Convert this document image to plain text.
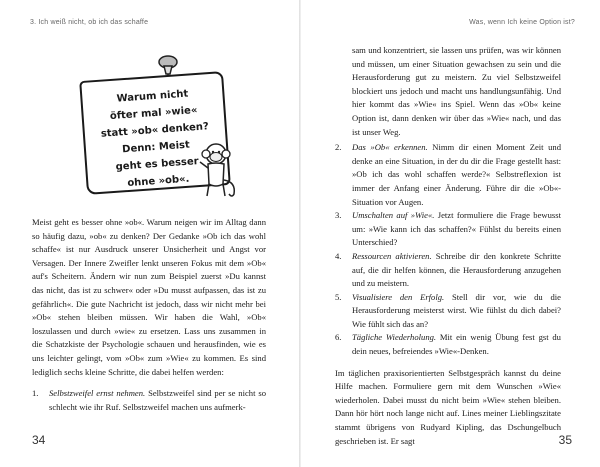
3. Ich weiß nicht, ob ich das schaffe
Warum nicht
öfter mal »wie«
statt »ob« denken?
Denn: Meist
geht es besser
ohne »ob«.

Meist geht es besser ohne »ob«. Warum neigen wir im Alltag dann so häufig dazu, »ob« zu denken? Der Gedanke »Ob ich das wohl schaffe« ist nur Ausdruck unserer Unsicherheit und Angst vor Versagen. Der Innere Zweifler lenkt unseren Fokus mit dem »Ob« auf's Scheitern. Ändern wir nun zum Beispiel zuerst »Du kannst das nicht, das ist zu schwer« oder »Du musst aufpassen, das ist zu gefährlich«. Die gute Nachricht ist jedoch, dass wir nicht mehr bei »Ob« stehen bleiben müssen. Wir haben die Wahl, »Ob« loszulassen und durch »wie« zu ersetzen. Lass uns zusammen in die Schatzkiste der Psychologie schauen und herausfinden, wie es uns leichter gelingt, vom »Ob« zum »Wie« zu kommen. Es sind lediglich sechs kleine Schritte, die dabei helfen werden:

1. Selbstzweifel ernst nehmen. Selbstzweifel sind per se nicht so schlecht wie ihr Ruf. Selbstzweifel machen uns aufmerk-
34
Was, wenn Ich keine Option ist?
35

sam und konzentriert, sie lassen uns prüfen, was wir können und müssen, um einer Situation gewachsen zu sein und die Herausforderung gut zu meistern. Zu viel Selbstzweifel blockiert uns jedoch und macht uns handlungsunfähig. Und hier kommt das »Wie« ins Spiel. Wenn das »Ob« keine Option ist, dann denken wir über das »Wie« nach, und das ist unser Weg.

2. Das »Ob« erkennen. Nimm dir einen Moment Zeit und denke an eine Situation, in der du dir die Frage gestellt hast: »Ob ich das wohl schaffen werde?« Selbstreflexion ist immer der Anfang einer Änderung. Führe dir die »Ob«-Situation vor Augen.
3. Umschalten auf »Wie«. Jetzt formuliere die Frage bewusst um: »Wie kann ich das schaffen?« Fühlst du bereits einen Unterschied?
4. Ressourcen aktivieren. Schreibe dir den konkrete Schritte auf, die dir helfen können, die Herausforderung anzugehen und zu meistern.
5. Visualisiere den Erfolg. Stell dir vor, wie du die Herausforderung meisterst wirst. Wie fühlst du dich dabei? Wie fühlt sich das an?
6. Tägliche Wiederholung. Mit ein wenig Übung fest gst du dein neues, befreiendes »Wie«-Denken.

Im täglichen praxisorientierten Selbstgespräch kannst du deine Hilfe machen. Formuliere gern mit dem Wunschen »Wie« wiederholen. Dabei musst du nicht beim »Wie« stehen bleiben. Dann hör hört noch lange nicht auf. Lines meiner Lieblingszitate stammt übrigens von Rudyard Kipling, das Dschungelbuch geschrieben ist. Er sagt
